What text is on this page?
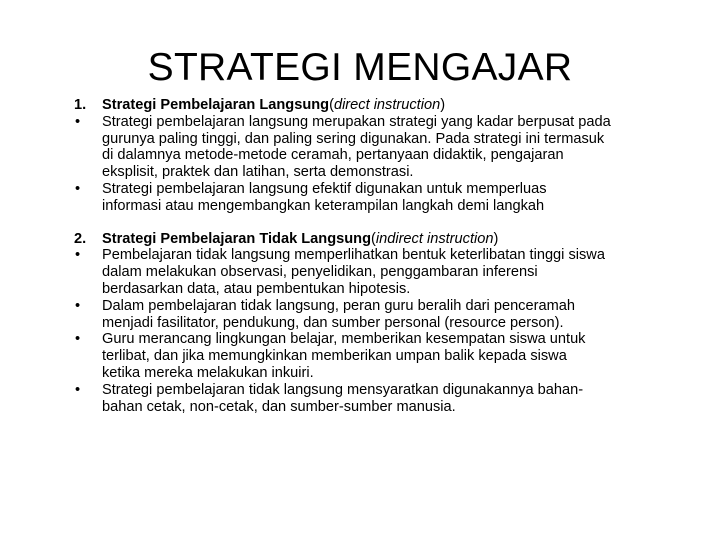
STRATEGI MENGAJAR
1.	Strategi Pembelajaran Langsung ( direct instruction )
•	Strategi pembelajaran langsung merupakan strategi yang kadar berpusat pada
gurunya paling tinggi, dan paling sering digunakan. Pada strategi ini termasuk
di dalamnya metode-metode ceramah, pertanyaan didaktik, pengajaran
eksplisit, praktek dan latihan, serta demonstrasi.
•	Strategi pembelajaran langsung efektif digunakan untuk memperluas
informasi atau mengembangkan keterampilan langkah demi langkah
2.	Strategi Pembelajaran Tidak Langsung ( indirect instruction )
•	Pembelajaran tidak langsung memperlihatkan bentuk keterlibatan tinggi siswa
dalam melakukan observasi, penyelidikan, penggambaran inferensi
berdasarkan data, atau pembentukan hipotesis.
•	Dalam pembelajaran tidak langsung, peran guru beralih dari penceramah
menjadi fasilitator, pendukung, dan sumber personal (resource person).
•	Guru merancang lingkungan belajar, memberikan kesempatan siswa untuk
terlibat, dan jika memungkinkan memberikan umpan balik kepada siswa
ketika mereka melakukan inkuiri.
•	Strategi pembelajaran tidak langsung mensyaratkan digunakannya bahan-
bahan cetak, non-cetak, dan sumber-sumber manusia.
